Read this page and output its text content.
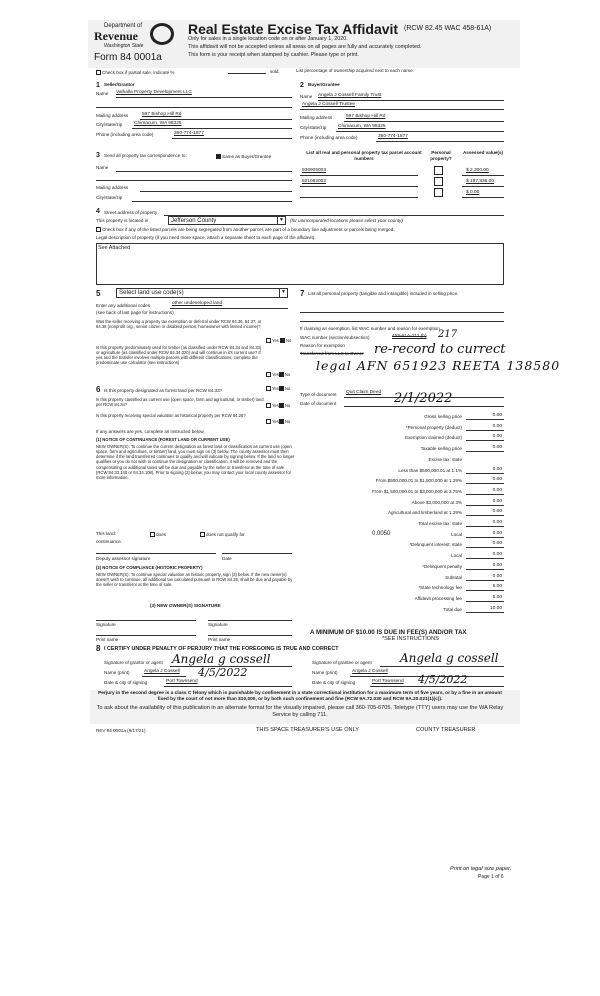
Department of
Revenue
Washington State
Form 84 0001a
Real Estate Excise Tax Affidavit (RCW 82.45 WAC 458-61A)
Only for sales in a single location code on or after January 1, 2020.
This affidavit will not be accepted unless all areas on all pages are fully and accurately completed.
This form is your receipt when stamped by cashier. Please type or print.
Check box if partial sale, indicate %	sold.	List percentage of ownership acquired next to each name.
1 Seller/Grantor
Name Valhalla Property Development LLC
Mailing address	597 Bishop Hill Rd
City/state/zip Chimacum, WA 98325
Phone (including area code)	360-774-1877
2 Buyer/Grantee
Name Angela J Cossell Family Trust
Angela J Cossell Trustee
Mailing address	597 Bishop Hill Rd
City/state/zip Chimacum, WA 98325
Phone (including area code)	360-774-1877
3 Send all property tax correspondence to:	Same as Buyer/Grantee
Name
Mailing address
City/state/zip
List all real and personal property tax parcel account numbers
Personal property?
Assessed value(s)
936905003	$ 2,300.00
821082002	$ 197,836.00
$ 0.00
4 Street address of property
This property is located in	Jefferson County	▼ (for unincorporated locations please select your county)
Check box if any of the listed parcels are being segregated from another parcel, are part of a boundary line adjustment or parcels being merged.
Legal description of property (if you need more space, attach a separate sheet to each page of the affidavit).
See Attached
5	Select land use code(s)	▼
Enter any additional codes	other undeveloped land
(see back of last page for instructions)
Was the seller receiving a property tax exemption or deferral under RCW 84.36, 84.37, or 84.38 (nonprofit org., senior citizen or disabled person, homeowner with limited income)?
Yes No
Is this property predominately used for timber (as classified under RCW 84.34 and 84.33) or agriculture (as classified under RCW 84.34.020) and will continue in it's current use? If yes and the transfer involves multiple parcels with different classifications, complete the predominate use calculator (see instructions)
Yes No
6 Is this property designated as forest land per RCW 84.33?	Yes No
Is this property classified as current use (open space, farm and agricultural, or timber) land per RCW 84.34?	Yes No
Is this property receiving special valuation as historical property per RCW 84.26?
Yes No
If any answers are yes, complete as instructed below.
(1) NOTICE OF CONTINUANCE (FOREST LAND OR CURRENT USE)
NEW OWNER(S): To continue the current designation as forest land or classification as current use (open space, farm and agriculture, or timber) land, you must sign on (3) below. The county assessor must then determine if the land transferred continues to qualify and will indicate by signing below. If the land no longer qualifies or you do not wish to continue the designation or classification, it will be removed and the compensating or additional taxes will be due and payable by the seller or transferor at the time of sale (RCW 84.33.140 or 84.34.108). Prior to signing (3) below, you may contact your local county assessor for more information.
This land:	does	does not qualify for
continuance.
Deputy assessor signature	Date
(2) NOTICE OF COMPLIANCE (HISTORIC PROPERTY)
NEW OWNER(S): To continue special valuation as historic property, sign (3) below. If the new owner(s) doesn't wish to continue, all additional tax calculated pursuant to RCW 84.26, shall be due and payable by the seller or transferor at the time of sale.
(3) NEW OWNER(S) SIGNATURE
Signature	Signature
Print name	Print name
7 List all personal property (tangible and intangible) included in selling price.
If claiming an exemption, list WAC number and reason for exemption.
WAC number (section/subsection)	458-61A-211 (b) 217
Reason for exemption re-record to currect
Transferred from LLC to Owner
legal AFN 651923 REETA 138580
Type of document Quit Claim Deed
Date of document	2/1/2022
Gross selling price	0.00
*Personal property (deduct)	0.00
Exemption claimed (deduct)	0.00
Taxable selling price	0.00
Excise tax: state
Less than $500,000.01 at 1.1%	0.00
From $500,000.01 to $1,500,000 at 1.28%	0.00
From $1,500,000.01 to $3,000,000 at 2.75%	0.00
Above $3,000,000 at 3%	0.00
Agricultural and timberland at 1.28%	0.00
Total excise tax: state	0.00
Local	0.00
0.0050
*Delinquent interest: state	0.00
Local	0.00
*Delinquent penalty	0.00
Subtotal	0.00
*State technology fee	5.00
Affidavit processing fee	5.00
Total due	10.00
A MINIMUM OF $10.00 IS DUE IN FEE(S) AND/OR TAX
*SEE INSTRUCTIONS
8 I CERTIFY UNDER PENALTY OF PERJURY THAT THE FOREGOING IS TRUE AND CORRECT
Signature of grantor or agent Angela g cossell
Name (print)	Angela J Cossell 4/5/2022
Date & city of signing	Port Townsend
Signature of grantee or agent Angela g cossell
Name (print)	Angela J Cossell
Date & city of signing	Port Townsend 4/5/2022
Perjury in the second degree is a class C felony which is punishable by confinement in a state correctional institution for a maximum term of five years, or by a fine in an amount fixed by the court of not more than $10,000, or by both such confinement and fine (RCW 9A.72.030 and RCW 9A.20.021(1)(c)).
To ask about the availability of this publication in an alternate format for the visually impaired, please call 360-705-6705. Teletype (TTY) users may use the WA Relay Service by calling 711.
REV 84 0001a (9/17/21)	THIS SPACE TREASURER'S USE ONLY	COUNTY TREASURER
Print on legal size paper.
Page 1 of 6
